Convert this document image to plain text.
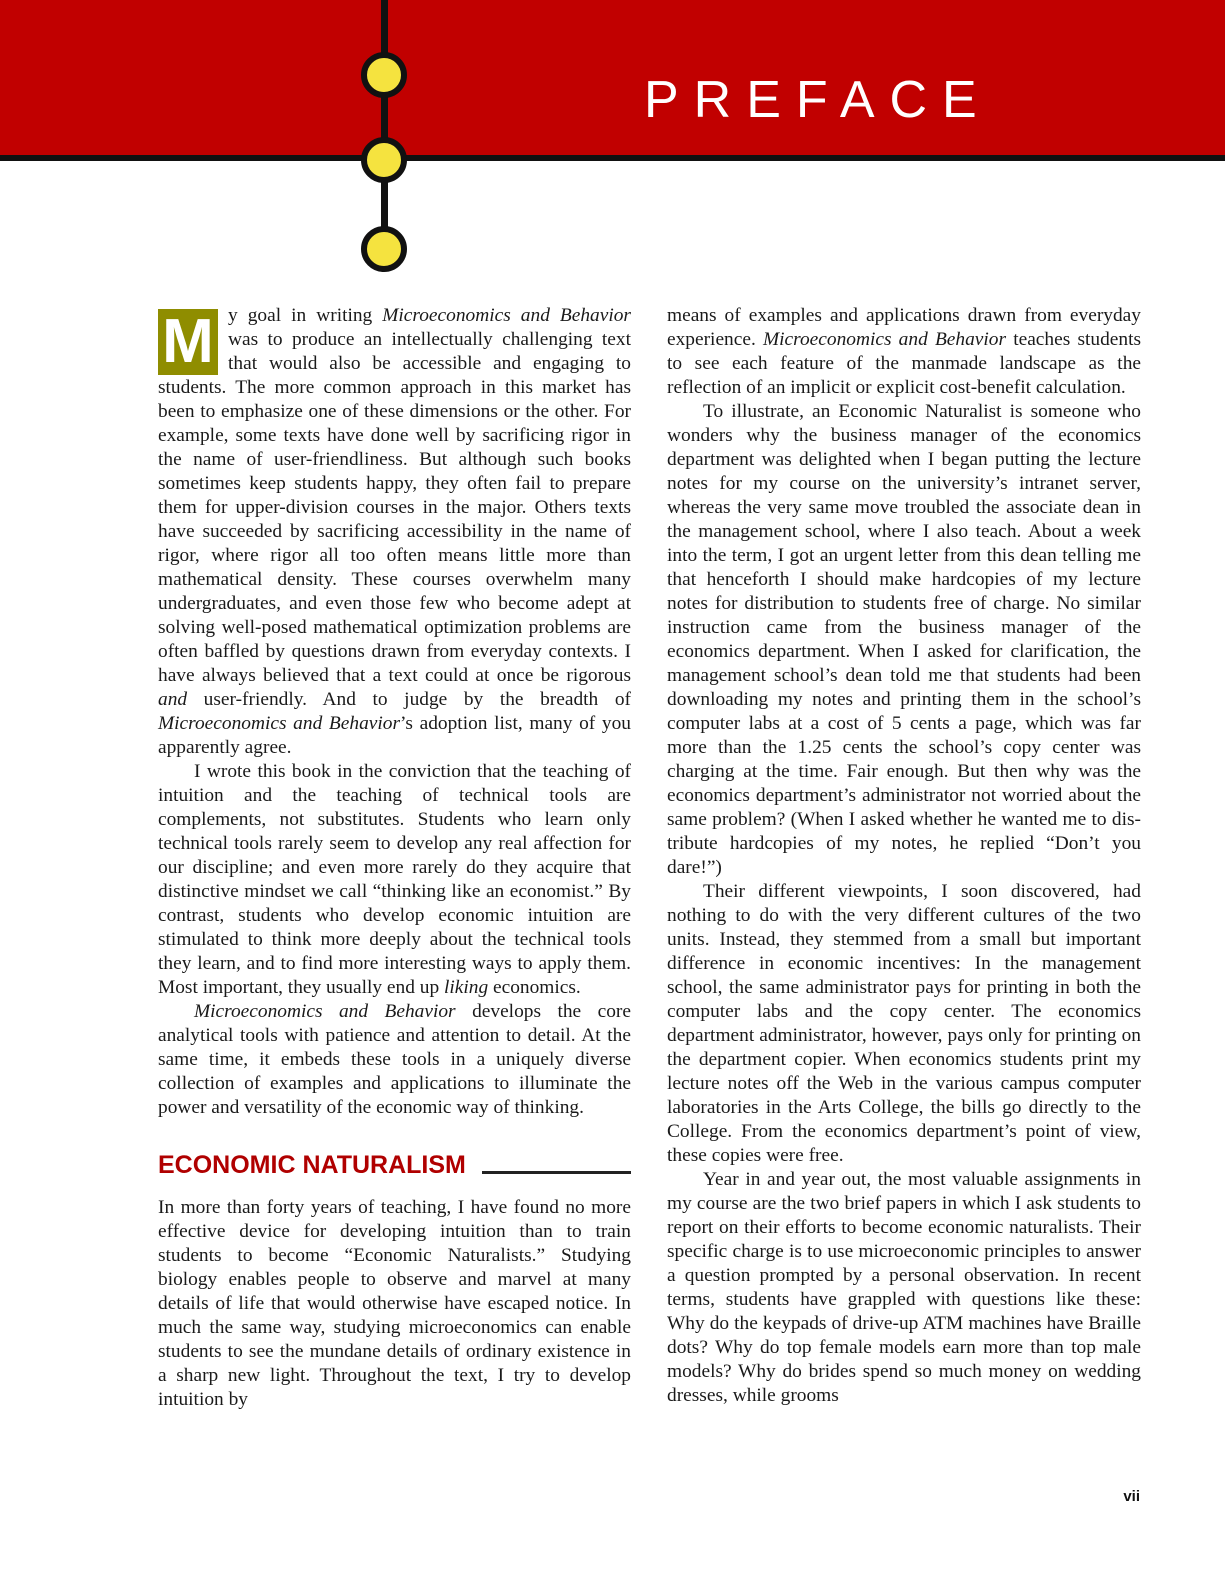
PREFACE

M y goal in writing Microeconomics and Behavior was to produce an intellectually challenging text that would also be accessible and engaging to students. The more common approach in this market has been to emphasize one of these dimensions or the other. For example, some texts have done well by sacrificing rigor in the name of user-friendliness. But although such books sometimes keep students happy, they often fail to prepare them for upper-division courses in the major. Others texts have succeeded by sacrificing accessibility in the name of rigor, where rigor all too often means little more than mathematical density. These courses overwhelm many undergraduates, and even those few who become adept at solving well-posed mathematical optimization problems are often baffled by questions drawn from everyday contexts. I have always believed that a text could at once be rigorous and user-friendly. And to judge by the breadth of Microeconomics and Behavior’s adoption list, many of you apparently agree.

I wrote this book in the conviction that the teaching of intuition and the teaching of technical tools are complements, not substitutes. Students who learn only technical tools rarely seem to develop any real affection for our discipline; and even more rarely do they acquire that distinctive mindset we call “thinking like an economist.” By contrast, students who develop economic intuition are stimulated to think more deeply about the technical tools they learn, and to find more interesting ways to apply them. Most important, they usually end up liking economics.

Microeconomics and Behavior develops the core analytical tools with patience and attention to detail. At the same time, it embeds these tools in a uniquely diverse collection of examples and applications to illuminate the power and versatility of the economic way of thinking.

ECONOMIC NATURALISM

In more than forty years of teaching, I have found no more effective device for developing intuition than to train students to become “Economic Naturalists.” Studying biology enables people to observe and marvel at many details of life that would otherwise have escaped notice. In much the same way, studying microeconomics can enable students to see the mundane details of ordinary existence in a sharp new light. Throughout the text, I try to develop intuition by

means of examples and applications drawn from everyday experience. Microeconomics and Behavior teaches students to see each feature of the manmade landscape as the reflection of an implicit or explicit cost-benefit calculation.

To illustrate, an Economic Naturalist is someone who wonders why the business manager of the economics department was delighted when I began putting the lecture notes for my course on the university’s intranet server, whereas the very same move troubled the associate dean in the management school, where I also teach. About a week into the term, I got an urgent letter from this dean telling me that henceforth I should make hardcopies of my lecture notes for distribution to students free of charge. No similar instruction came from the business manager of the economics department. When I asked for clarification, the management school’s dean told me that students had been downloading my notes and printing them in the school’s computer labs at a cost of 5 cents a page, which was far more than the 1.25 cents the school’s copy center was charging at the time. Fair enough. But then why was the economics department’s administrator not worried about the same problem? (When I asked whether he wanted me to distribute hardcopies of my notes, he replied “Don’t you dare!”)

Their different viewpoints, I soon discovered, had nothing to do with the very different cultures of the two units. Instead, they stemmed from a small but important difference in economic incentives: In the management school, the same administrator pays for printing in both the computer labs and the copy center. The economics department administrator, however, pays only for printing on the department copier. When economics students print my lecture notes off the Web in the various campus computer laboratories in the Arts College, the bills go directly to the College. From the economics department’s point of view, these copies were free.

Year in and year out, the most valuable assignments in my course are the two brief papers in which I ask students to report on their efforts to become economic naturalists. Their specific charge is to use microeconomic principles to answer a question prompted by a personal observation. In recent terms, students have grappled with questions like these: Why do the keypads of drive-up ATM machines have Braille dots? Why do top female models earn more than top male models? Why do brides spend so much money on wedding dresses, while grooms

vii
